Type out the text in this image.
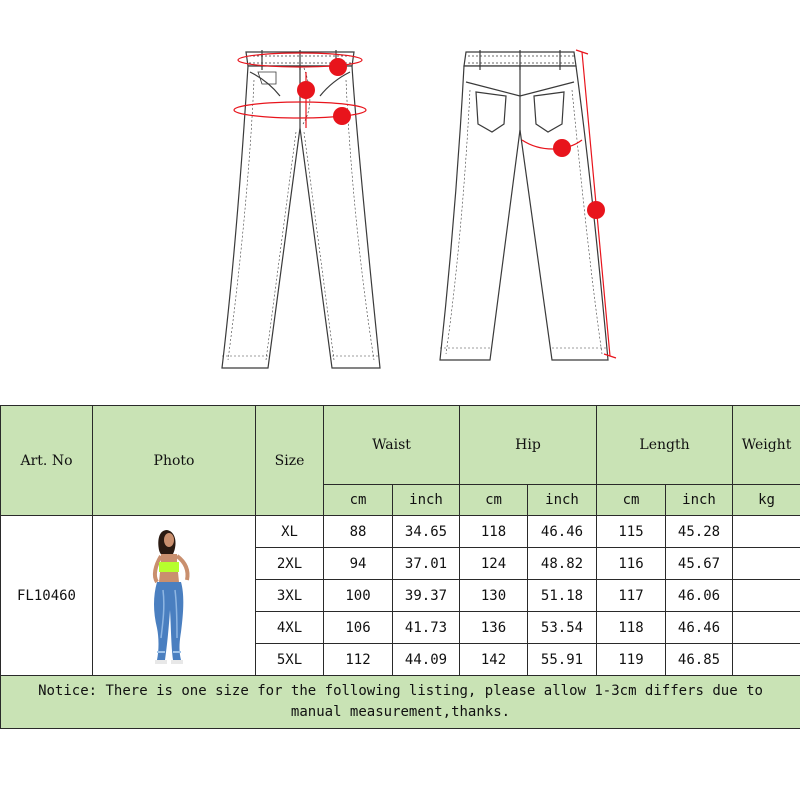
Art. No	Photo	Size	Waist		Hip		Length		Weight
			cm	inch	cm	inch	cm	inch	kg
FL10460		XL	88	34.65	118	46.46	115	45.28	
		2XL	94	37.01	124	48.82	116	45.67	
		3XL	100	39.37	130	51.18	117	46.06	
		4XL	106	41.73	136	53.54	118	46.46	
		5XL	112	44.09	142	55.91	119	46.85	
Notice: There is one size for the following listing, please allow 1-3cm differs due to manual measurement,thanks.									
